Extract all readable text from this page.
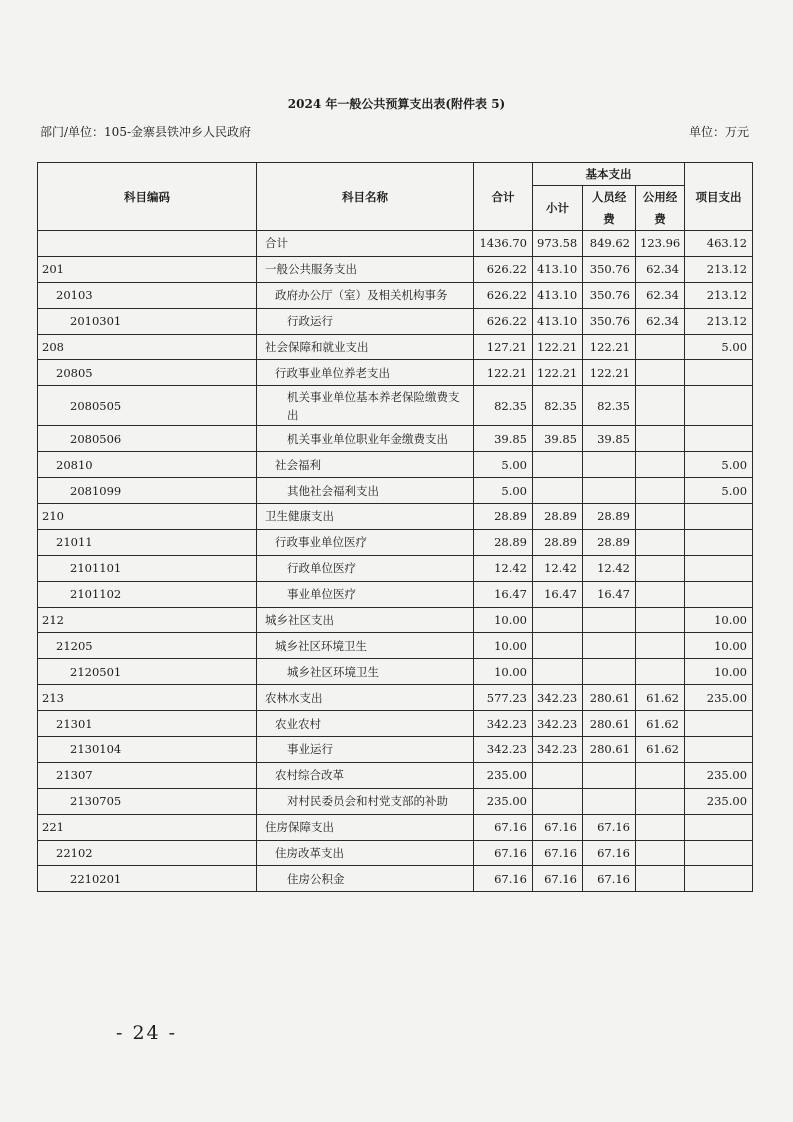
2024 年一般公共预算支出表(附件表 5)
部门/单位：105-金寨县铁冲乡人民政府	单位：万元
科目编码	科目名称	合计	基本支出			项目支出
			小计	人员经费	公用经费	
	合计	1436.70	973.58	849.62	123.96	463.12
201	一般公共服务支出	626.22	413.10	350.76	62.34	213.12
20103	政府办公厅（室）及相关机构事务	626.22	413.10	350.76	62.34	213.12
2010301	行政运行	626.22	413.10	350.76	62.34	213.12
208	社会保障和就业支出	127.21	122.21	122.21		5.00
20805	行政事业单位养老支出	122.21	122.21	122.21		
2080505	机关事业单位基本养老保险缴费支出	82.35	82.35	82.35		
2080506	机关事业单位职业年金缴费支出	39.85	39.85	39.85		
20810	社会福利	5.00				5.00
2081099	其他社会福利支出	5.00				5.00
210	卫生健康支出	28.89	28.89	28.89		
21011	行政事业单位医疗	28.89	28.89	28.89		
2101101	行政单位医疗	12.42	12.42	12.42		
2101102	事业单位医疗	16.47	16.47	16.47		
212	城乡社区支出	10.00				10.00
21205	城乡社区环境卫生	10.00				10.00
2120501	城乡社区环境卫生	10.00				10.00
213	农林水支出	577.23	342.23	280.61	61.62	235.00
21301	农业农村	342.23	342.23	280.61	61.62	
2130104	事业运行	342.23	342.23	280.61	61.62	
21307	农村综合改革	235.00				235.00
2130705	对村民委员会和村党支部的补助	235.00				235.00
221	住房保障支出	67.16	67.16	67.16		
22102	住房改革支出	67.16	67.16	67.16		
2210201	住房公积金	67.16	67.16	67.16		
- 24 -
